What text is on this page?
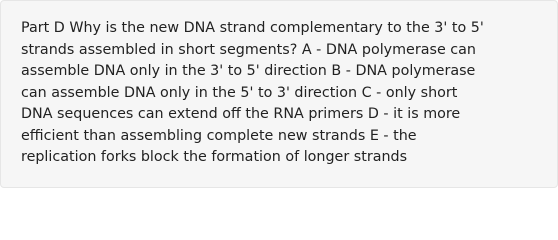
Part D Why is the new DNA strand complementary to the 3' to 5'
strands assembled in short segments? A - DNA polymerase can
assemble DNA only in the 3' to 5' direction B - DNA polymerase
can assemble DNA only in the 5' to 3' direction C - only short
DNA sequences can extend off the RNA primers D - it is more
efficient than assembling complete new strands E - the
replication forks block the formation of longer strands
